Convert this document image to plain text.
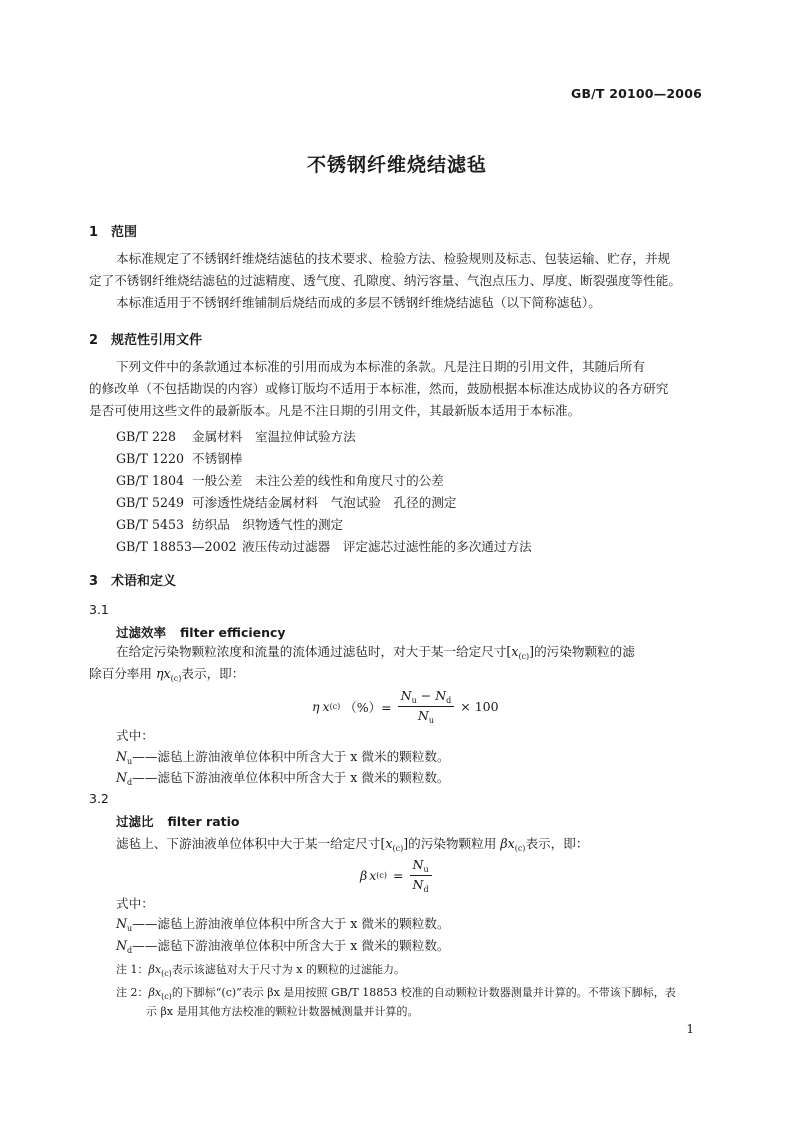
GB/T 20100—2006
不锈钢纤维烧结滤毡
1 范围
本标准规定了不锈钢纤维烧结滤毡的技术要求、检验方法、检验规则及标志、包装运输、贮存，并规
定了不锈钢纤维烧结滤毡的过滤精度、透气度、孔隙度、纳污容量、气泡点压力、厚度、断裂强度等性能。
本标准适用于不锈钢纤维铺制后烧结而成的多层不锈钢纤维烧结滤毡（以下简称滤毡）。
2 规范性引用文件
下列文件中的条款通过本标准的引用而成为本标准的条款。凡是注日期的引用文件，其随后所有
的修改单（不包括勘误的内容）或修订版均不适用于本标准，然而，鼓励根据本标准达成协议的各方研究
是否可使用这些文件的最新版本。凡是不注日期的引用文件，其最新版本适用于本标准。
GB/T 228 金属材料　室温拉伸试验方法
GB/T 1220 不锈钢棒
GB/T 1804 一般公差　未注公差的线性和角度尺寸的公差
GB/T 5249 可渗透性烧结金属材料　气泡试验　孔径的测定
GB/T 5453 纺织品　织物透气性的测定
GB/T 18853—2002 液压传动过滤器　评定滤芯过滤性能的多次通过方法
3 术语和定义
3.1
过滤效率 filter efficiency
在给定污染物颗粒浓度和流量的流体通过滤毡时，对大于某一给定尺寸$[x_{(c)}]$的污染物颗粒的滤
除百分率用 $\eta x_{(c)}$表示，即：
η x (c) （%）= $\frac{N_u - N_d}{N_u} \times 100$
式中：
$N_u——$滤毡上游油液单位体积中所含大于 x 微米的颗粒数。
$N_d——$滤毡下游油液单位体积中所含大于 x 微米的颗粒数。
3.2
过滤比 filter ratio
滤毡上、下游油液单位体积中大于某一给定尺寸$[x_{(c)}]$的污染物颗粒用 $\beta x_{(c)}$表示，即：
β x $(c) = \frac{N_u}{N_d}$
式中：
$N_u——$滤毡上游油液单位体积中所含大于 x 微米的颗粒数。
$N_d——$滤毡下游油液单位体积中所含大于 x 微米的颗粒数。
注 1：$\beta x_{(c)}$表示该滤毡对大于尺寸为 x 的颗粒的过滤能力。
注 2：$\beta x_{(c)}$的下脚标“(c)”表示 βx 是用按照 GB/T 18853 校准的自动颗粒计数器测量并计算的。不带该下脚标，表
示 βx 是用其他方法校准的颗粒计数器械测量并计算的。
1
